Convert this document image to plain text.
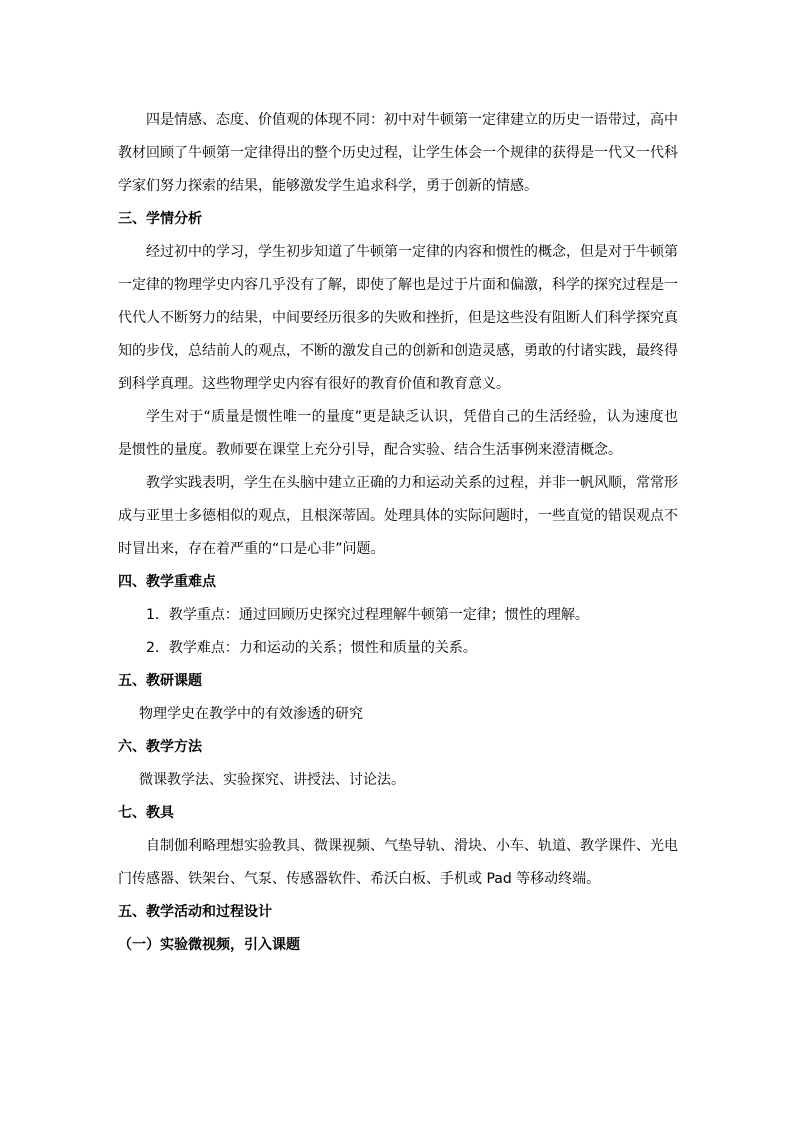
四是情感、态度、价值观的体现不同：初中对牛顿第一定律建立的历史一语带过，高中教材回顾了牛顿第一定律得出的整个历史过程，让学生体会一个规律的获得是一代又一代科学家们努力探索的结果，能够激发学生追求科学，勇于创新的情感。

三、学情分析

经过初中的学习，学生初步知道了牛顿第一定律的内容和惯性的概念，但是对于牛顿第一定律的物理学史内容几乎没有了解，即使了解也是过于片面和偏激，科学的探究过程是一代代人不断努力的结果，中间要经历很多的失败和挫折，但是这些没有阻断人们科学探究真知的步伐，总结前人的观点，不断的激发自己的创新和创造灵感，勇敢的付诸实践，最终得到科学真理。这些物理学史内容有很好的教育价值和教育意义。

学生对于“质量是惯性唯一的量度”更是缺乏认识，凭借自己的生活经验，认为速度也是惯性的量度。教师要在课堂上充分引导，配合实验、结合生活事例来澄清概念。

教学实践表明，学生在头脑中建立正确的力和运动关系的过程，并非一帆风顺，常常形成与亚里士多德相似的观点，且根深蒂固。处理具体的实际问题时，一些直觉的错误观点不时冒出来，存在着严重的“口是心非”问题。

四、教学重难点

1．教学重点：通过回顾历史探究过程理解牛顿第一定律；惯性的理解。

2．教学难点：力和运动的关系；惯性和质量的关系。

五、教研课题

物理学史在教学中的有效渗透的研究

六、教学方法

微课教学法、实验探究、讲授法、讨论法。

七、教具

自制伽利略理想实验教具、微课视频、气垫导轨、滑块、小车、轨道、教学课件、光电门传感器、铁架台、气泵、传感器软件、希沃白板、手机或 Pad 等移动终端。

五、教学活动和过程设计

（一）实验微视频，引入课题
